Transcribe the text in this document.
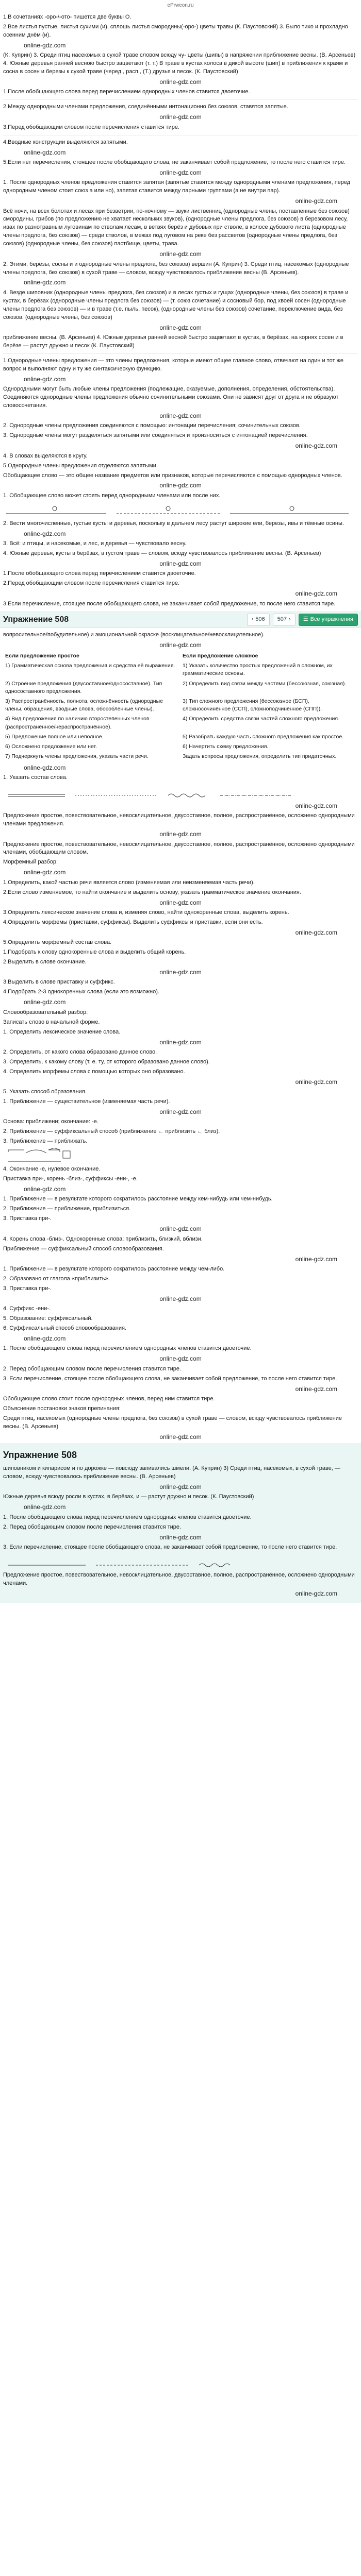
ePrweon.ru

1.В сочетаниях -оро-\-ото- пишется две буквы О.

2.Все листья пустые, листья сухими (и), сплошь листья смородины(-оро-) цветы травы (К. Паустовский) 3. Было тихо и прохладно осенним днём (и).

online-gdz.com

(К. Куприн) 3. Среди птиц насекомых в сухой траве словом всюду чу- цветы (шипы) в напряжении приближение весны. (В. Арсеньев) 4. Южные деревья ранней весною быстро зацветают (т. т.) В траве в кустах колоса в дикой высоте (шип) в приближения к краям и сосна в сосен и березы к сухой траве (черед., расп., (Т.) друзья и песок. (К. Паустовский)

online-gdz.com

1.После обобщающего слова перед перечислением однородных членов ставится двоеточие.

2.Между однородными членами предложения, соединёнными интонационно без союзов, ставятся запятые.

online-gdz.com

3.Перед обобщающим словом после перечисления ставится тире.

4.Вводные конструкции выделяются запятыми.

online-gdz.com

5.Если нет перечисления, стоящее после обобщающего слова, не заканчивает собой предложение, то после него ставится тире.

online-gdz.com

1. После однородных членов предложения ставится запятая (запятые ставятся между однородными членами предложения, перед однородным членом стоит союз а или но), запятая ставится между парными группами (а не внутри пар).

online-gdz.com

Всё ночи, на всех болотах и лесах при безветрии, по-ночному — звуки лиственниц (однородные члены, поставленные без союзов) смородины, грибов (по предложению не хватает нескольких звуков), (однородные члены предлога, без союзов) в березовом лесу, ивах по разнотравным луговинам по стволам лесам, в ветвях берёз и дубовых при стволе, в колосе дубового листа (однородные члены предлога, без союзов) — среди стволов, в межах под луговом на реке без рассветов (однородные члены предлога, без союзов) (однородные члены, без союзов) пастбище, цветы, трава.

online-gdz.com

2. Этими, берёзы, сосны и и однородные члены предлога, без союзов) вершин (А. Куприн) 3. Среди птиц, насекомых (однородные члены предлога, без союзов) в сухой траве — словом, всюду чувствовалось приближение весны (В. Арсеньев).

online-gdz.com

4. Везде шиповник (однородные члены предлога, без союзов) и в лесах густых и гущах (однородные члены, без союзов) в траве и кустах, в берёзах (однородные члены предлога без союзов) — (т. союз сочетание) и сосновый бор, под хвоей сосен (однородные члены предлога без союзов) — и в траве (т.е. пыль, песок), (однородные члены без союзов) сочетание, переключение вида, без союзов. (однородные члены, без союзов)

online-gdz.com

приближение весны. (В. Арсеньев) 4. Южные деревья ранней весной быстро зацветают в кустах, в берёзах, на корнях сосен и в берёзе — растут дружно и песок (К. Паустовский)

1.Однородные члены предложения — это члены предложения, которые имеют общее главное слово, отвечают на один и тот же вопрос и выполняют одну и ту же синтаксическую функцию.

online-gdz.com

Однородными могут быть любые члены предложения (подлежащие, сказуемые, дополнения, определения, обстоятельства). Соединяются однородные члены предложения обычно сочинительными союзами. Они не зависят друг от друга и не образуют словосочетания.

online-gdz.com

2. Однородные члены предложения соединяются с помощью: интонации перечисления; сочинительных союзов.

3. Однородные члены могут разделяться запятыми или соединяться и произноситься с интонацией перечисления.

online-gdz.com

4. В словах выделяются в кругу.

5.Однородные члены предложения отделяются запятыми.

Обобщающее слово — это общее название предметов или признаков, которые перечисляются с помощью однородных членов.

online-gdz.com

1. Обобщающее слово может стоять перед однородными членами или после них.

2. Вести многочисленные, густые кусты и деревья, поскольку в дальнем лесу растут широкие ели, березы, ивы и тёмные осины.

online-gdz.com

3. Всё: и птицы, и насекомые, и лес, и деревья — чувствовало весну.

4. Южные деревья, кусты в берёзах, в густом траве — словом, всюду чувствовалось приближение весны. (В. Арсеньев)

online-gdz.com

1.После обобщающего слова перед перечислением ставится двоеточие.

2.Перед обобщающим словом после перечисления ставится тире.

online-gdz.com

3.Если перечисление, стоящее после обобщающего слова, не заканчивает собой предложение, то после него ставится тире.

Упражнение 508	‹ 506 507 › ☰ Все упражнения

вопросительное/побудительное) и эмоциональной окраске (восклицательное/невосклицательное).

online-gdz.com
Если предложение простое	Если предложение сложное
1) Грамматическая основа предложения и средства её выражения.	1) Указать количество простых предложений в сложном, их грамматические основы.
2) Строение предложения (двусоставное/односоставное). Тип односоставного предложения.	2) Определить вид связи между частями (бессоюзная, союзная).
3) Распространённость, полнота, осложнённость (однородные члены, обращения, вводные слова, обособленные члены).	3) Тип сложного предложения (бессоюзное (БСП), сложносочинённое (ССП), сложноподчинённое (СПП)).
4) Вид предложения по наличию второстепенных членов (распространённое/нераспространённое).	4) Определить средства связи частей сложного предложения.
5) Предложение полное или неполное.	5) Разобрать каждую часть сложного предложения как простое.
6) Осложнено предложение или нет.	6) Начертить схему предложения.
7) Подчеркнуть члены предложения, указать части речи.	Задать вопросы предложения, определить тип придаточных.
online-gdz.com

1. Указать состав слова.

online-gdz.com

Предложение простое, повествовательное, невосклицательное, двусоставное, полное, распространённое, осложнено однородными членами предложения.

online-gdz.com

Предложение простое, повествовательное, невосклицательное, двусоставное, полное, распространённое, осложнено однородными членами, обобщающим словом.

Морфемный разбор:

online-gdz.com

1.Определить, какой частью речи является слово (изменяемая или неизменяемая часть речи).

2.Если слово изменяемое, то найти окончание и выделить основу, указать грамматическое значение окончания.

online-gdz.com

3.Определить лексическое значение слова и, изменяя слово, найти однокоренные слова, выделить корень.

4.Определить морфемы (приставки, суффиксы). Выделить суффиксы и приставки, если они есть.

online-gdz.com

5.Определить морфемный состав слова.

1.Подобрать к слову однокоренные слова и выделить общий корень.

2.Выделить в слове окончание.

online-gdz.com

3.Выделить в слове приставку и суффикс.

4.Подобрать 2-3 однокоренных слова (если это возможно).

online-gdz.com

Словообразовательный разбор:

Записать слово в начальной форме.

1. Определить лексическое значение слова.

online-gdz.com

2. Определить, от какого слова образовано данное слово.

3. Определить, к какому слову (т. е. ту, от которого образовано данное слово).

4. Определить морфемы слова с помощью которых оно образовано.

online-gdz.com

5. Указать способ образования.

1. Приближение — существительное (изменяемая часть речи).

online-gdz.com

Основа: приближени; окончание: -е.

2. Приближение — суффиксальный способ (приближение ← приблизить ← близ).

3. Приближение — приближать.

4. Окончание -е, нулевое окончание.

Приставка при-, корень -близ-, суффиксы -ени-, -е.

online-gdz.com

1. Приближение — в результате которого сократилось расстояние между кем-нибудь или чем-нибудь.

2. Приближение — приближение, приблизиться.

3. Приставка при-.

online-gdz.com

4. Корень слова -близ-. Однокоренные слова: приблизить, близкий, вблизи.

Приближение — суффиксальный способ словообразования.

online-gdz.com

1. Приближение — в результате которого сократилось расстояние между чем-либо.

2. Образовано от глагола «приблизить».

3. Приставка при-.

online-gdz.com

4. Суффикс -ени-.

5. Образование: суффиксальный.

6. Суффиксальный способ словообразования.

online-gdz.com

1. После обобщающего слова перед перечислением однородных членов ставится двоеточие.

online-gdz.com

2. Перед обобщающим словом после перечисления ставится тире.

3. Если перечисление, стоящее после обобщающего слова, не заканчивает собой предложение, то после него ставится тире.

online-gdz.com

Обобщающее слово стоит после однородных членов, перед ним ставится тире.

Объяснение постановки знаков препинания:

Среди птиц, насекомых (однородные члены предлога, без союзов) в сухой траве — словом, всюду чувствовалось приближение весны. (В. Арсеньев)

online-gdz.com
Упражнение 508

шиповником и кипарисом и по дорожке — повсюду запивались шмели. (А. Куприн) 3) Среди птиц, насекомых, в сухой траве, — словом, всюду чувствовалось приближение весны. (В. Арсеньев)

online-gdz.com

Южные деревья всюду росли в кустах, в берёзах, и — растут дружно и песок. (К. Паустовский)

online-gdz.com

1. После обобщающего слова перед перечислением однородных членов ставится двоеточие.

2. Перед обобщающим словом после перечисления ставится тире.

online-gdz.com

3. Если перечисление, стоящее после обобщающего слова, не заканчивает собой предложение, то после него ставится тире.

Предложение простое, повествовательное, невосклицательное, двусоставное, полное, распространённое, осложнено однородными членами.

online-gdz.com
